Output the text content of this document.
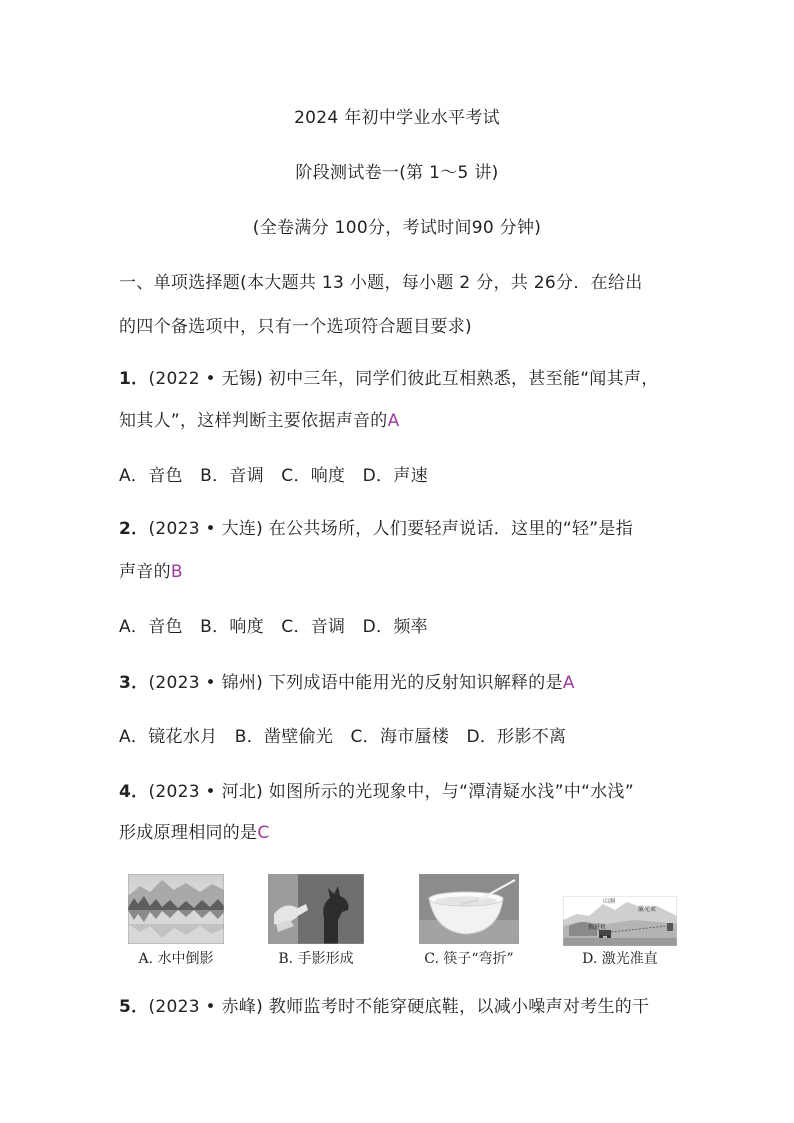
2024 年初中学业水平考试
阶段测试卷一(第 1～5 讲)
(全卷满分 100分，考试时间90 分钟)
一、单项选择题(本大题共 13 小题，每小题 2 分，共 26分．在给出
的四个备选项中，只有一个选项符合题目要求)
1．(2022 • 无锡) 初中三年，同学们彼此互相熟悉，甚至能“闻其声，
知其人”，这样判断主要依据声音的A
A．音色　B．音调　C．响度　D．声速
2．(2023 • 大连) 在公共场所，人们要轻声说话．这里的“轻”是指
声音的B
A．音色　B．响度　C．音调　D．频率
3．(2023 • 锦州) 下列成语中能用光的反射知识解释的是A
A．镜花水月　B．凿壁偷光　C．海市蜃楼　D．形影不离
4．(2023 • 河北) 如图所示的光现象中，与“潭清疑水浅”中“水浅”
形成原理相同的是C
A. 水中倒影	B. 手影形成	C. 筷子“弯折”
山洞
激光束
掘进机
D. 激光准直
5．(2023 • 赤峰) 教师监考时不能穿硬底鞋，以减小噪声对考生的干
